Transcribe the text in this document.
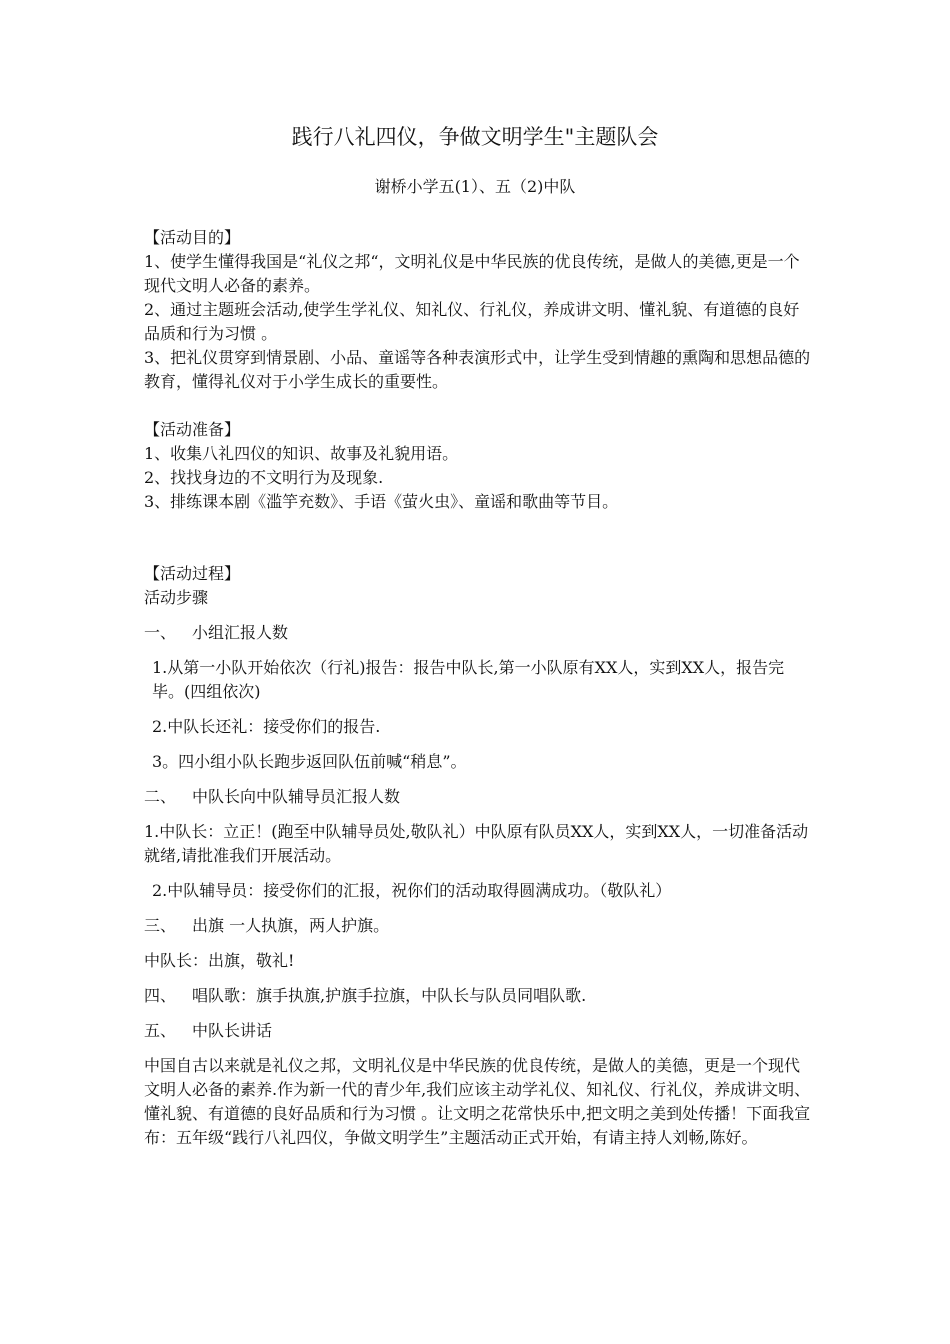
践行八礼四仪，争做文明学生"主题队会
谢桥小学五(1）、五（2)中队
【活动目的】

1、使学生懂得我国是“礼仪之邦“，文明礼仪是中华民族的优良传统，是做人的美德,更是一个现代文明人必备的素养。

2、通过主题班会活动,使学生学礼仪、知礼仪、行礼仪，养成讲文明、懂礼貌、有道德的良好品质和行为习惯 。

3、把礼仪贯穿到情景剧、小品、童谣等各种表演形式中，让学生受到情趣的熏陶和思想品德的教育，懂得礼仪对于小学生成长的重要性。

【活动准备】

1、收集八礼四仪的知识、故事及礼貌用语。

2、找找身边的不文明行为及现象.

3、排练课本剧《滥竽充数》、手语《萤火虫》、童谣和歌曲等节目。

【活动过程】

活动步骤

一、 小组汇报人数

1.从第一小队开始依次（行礼)报告：报告中队长,第一小队原有XX人，实到XX人，报告完毕。(四组依次)

2.中队长还礼：接受你们的报告.

3。四小组小队长跑步返回队伍前喊“稍息”。

二、 中队长向中队辅导员汇报人数

1.中队长：立正！(跑至中队辅导员处,敬队礼）中队原有队员XX人，实到XX人，一切准备活动就绪,请批准我们开展活动。

2.中队辅导员：接受你们的汇报，祝你们的活动取得圆满成功。（敬队礼）

三、 出旗 一人执旗，两人护旗。

中队长：出旗，敬礼!

四、 唱队歌：旗手执旗,护旗手拉旗，中队长与队员同唱队歌.

五、 中队长讲话

中国自古以来就是礼仪之邦，文明礼仪是中华民族的优良传统，是做人的美德，更是一个现代文明人必备的素养.作为新一代的青少年,我们应该主动学礼仪、知礼仪、行礼仪，养成讲文明、懂礼貌、有道德的良好品质和行为习惯 。让文明之花常快乐中,把文明之美到处传播！下面我宣布：五年级“践行八礼四仪，争做文明学生”主题活动正式开始，有请主持人刘畅,陈好。
